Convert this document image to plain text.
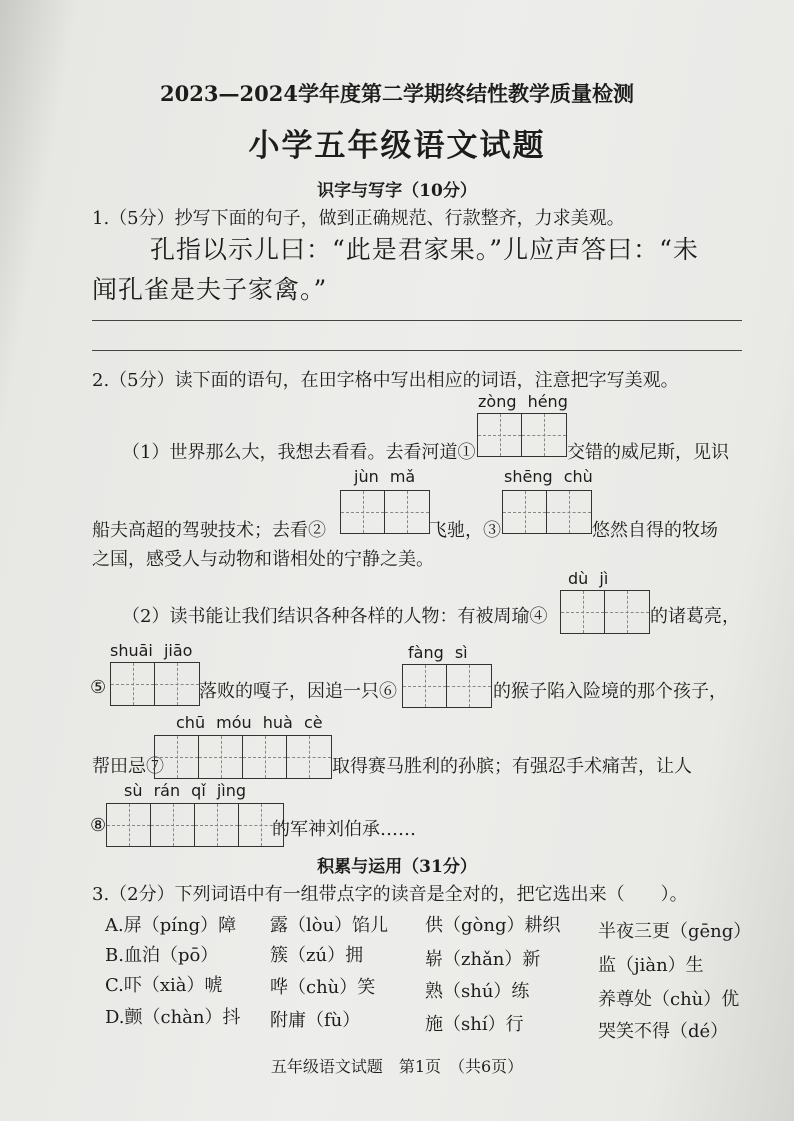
2023—2024学年度第二学期终结性教学质量检测
小学五年级语文试题
识字与写字（10分）
1.（5分）抄写下面的句子，做到正确规范、行款整齐，力求美观。
孔指以示儿曰：“此是君家果。”儿应声答曰：“未
闻孔雀是夫子家禽。”
2.（5分）读下面的语句，在田字格中写出相应的词语，注意把字写美观。
zòng héng
（1）世界那么大，我想去看看。去看河道①	交错的威尼斯，见识
jùn mǎ	shēng chù
船夫高超的驾驶技术；去看②	飞驰，③	悠然自得的牧场
之国，感受人与动物和谐相处的宁静之美。
dù jì
（2）读书能让我们结识各种各样的人物：有被周瑜④	的诸葛亮，
shuāi jiāo	fàng sì
⑤	落败的嘎子，因追一只⑥	的猴子陷入险境的那个孩子，
chū móu huà cè
帮田忌⑦	取得赛马胜利的孙膑；有强忍手术痛苦，让人
sù rán qǐ jìng
⑧	的军神刘伯承……
积累与运用（31分）
3.（2分）下列词语中有一组带点字的读音是全对的，把它选出来（　　）。
A.屏（píng）障 露（lòu）馅儿 供（gòng）耕织 半夜三更（gēng）
B.血泊（pō）	簇（zú）拥	崭（zhǎn）新	监（jiàn）生
C.吓（xià）唬	哗（chù）笑	熟（shú）练	养尊处（chù）优
D.颤（chàn）抖 附庸（fù）	施（shí）行	哭笑不得（dé）
五年级语文试题　第1页　（共6页）
